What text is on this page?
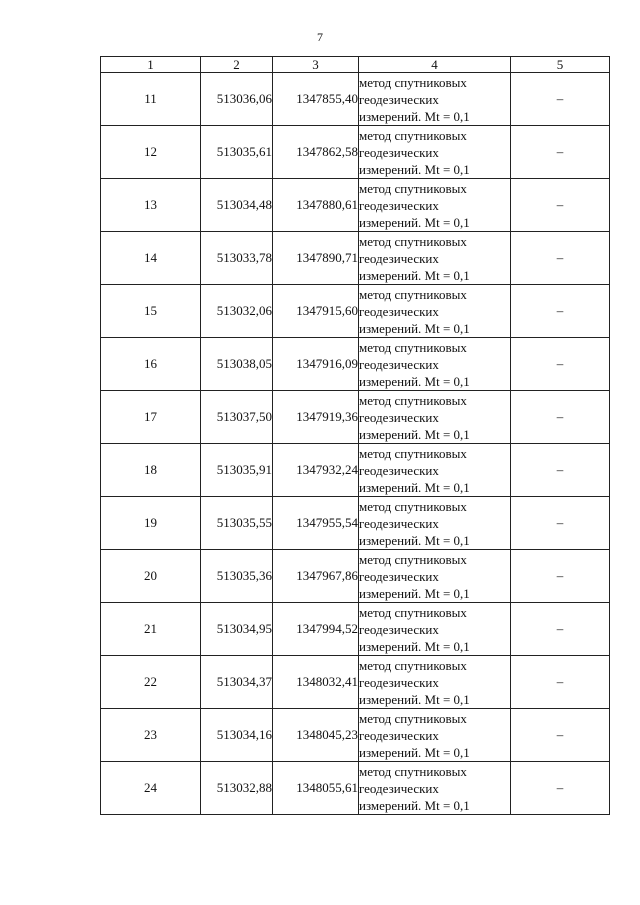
7
1	2	3	4	5
11	513036,06	1347855,40	метод спутниковых
геодезических
измерений. Mt = 0,1	–
12	513035,61	1347862,58	метод спутниковых
геодезических
измерений. Mt = 0,1	–
13	513034,48	1347880,61	метод спутниковых
геодезических
измерений. Mt = 0,1	–
14	513033,78	1347890,71	метод спутниковых
геодезических
измерений. Mt = 0,1	–
15	513032,06	1347915,60	метод спутниковых
геодезических
измерений. Mt = 0,1	–
16	513038,05	1347916,09	метод спутниковых
геодезических
измерений. Mt = 0,1	–
17	513037,50	1347919,36	метод спутниковых
геодезических
измерений. Mt = 0,1	–
18	513035,91	1347932,24	метод спутниковых
геодезических
измерений. Mt = 0,1	–
19	513035,55	1347955,54	метод спутниковых
геодезических
измерений. Mt = 0,1	–
20	513035,36	1347967,86	метод спутниковых
геодезических
измерений. Mt = 0,1	–
21	513034,95	1347994,52	метод спутниковых
геодезических
измерений. Mt = 0,1	–
22	513034,37	1348032,41	метод спутниковых
геодезических
измерений. Mt = 0,1	–
23	513034,16	1348045,23	метод спутниковых
геодезических
измерений. Mt = 0,1	–
24	513032,88	1348055,61	метод спутниковых
геодезических
измерений. Mt = 0,1	–
